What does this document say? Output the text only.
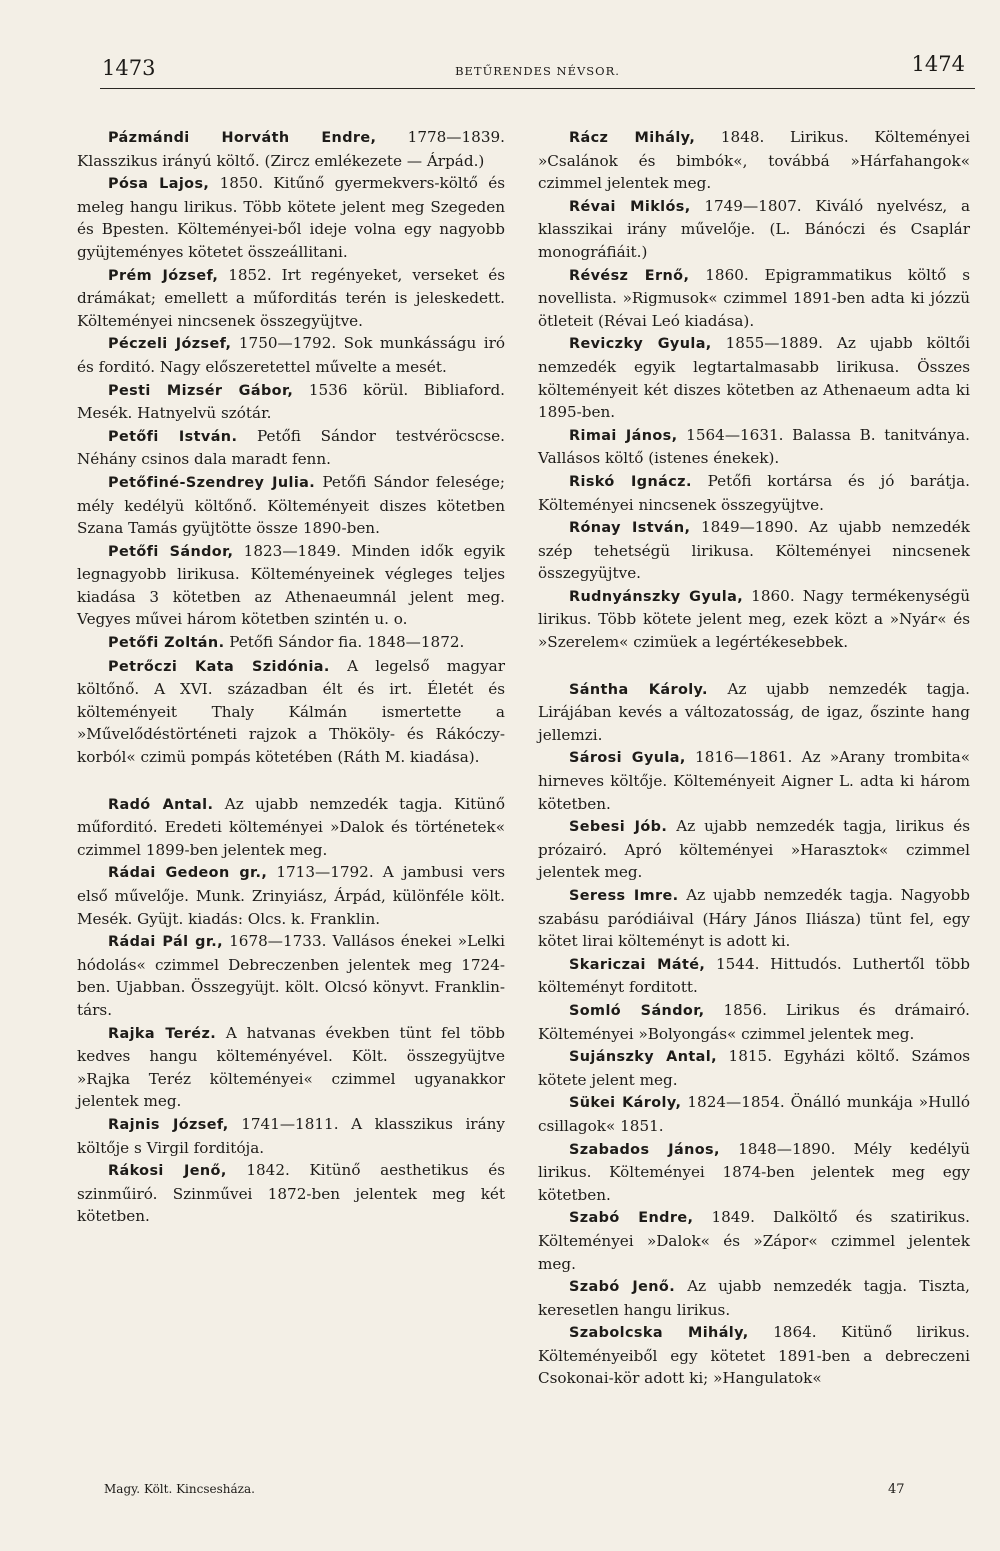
1473	BETŰRENDES NÉVSOR.	1474

Pázmándi Horváth Endre, 1778—1839. Klasszikus irányú költő. (Zircz emlékezete — Árpád.)

Pósa Lajos, 1850. Kitűnő gyermekvers-költő és meleg hangu lirikus. Több kötete jelent meg Szegeden és Bpesten. Költeményei-ből ideje volna egy nagyobb gyüjteményes kötetet összeállitani.

Prém József, 1852. Irt regényeket, verseket és drámákat; emellett a műforditás terén is jeleskedett. Költeményei nincsenek összegyüjtve.

Péczeli József, 1750—1792. Sok munkásságu iró és forditó. Nagy előszeretettel művelte a mesét.

Pesti Mizsér Gábor, 1536 körül. Bibliaford. Mesék. Hatnyelvü szótár.

Petőfi István. Petőfi Sándor testvéröcscse. Néhány csinos dala maradt fenn.

Petőfiné-Szendrey Julia. Petőfi Sándor felesége; mély kedélyü költőnő. Költeményeit diszes kötetben Szana Tamás gyüjtötte össze 1890-ben.

Petőfi Sándor, 1823—1849. Minden idők egyik legnagyobb lirikusa. Költeményeinek végleges teljes kiadása 3 kötetben az Athenaeumnál jelent meg. Vegyes művei három kötetben szintén u. o.

Petőfi Zoltán. Petőfi Sándor fia. 1848—1872.

Petrőczi Kata Szidónia. A legelső magyar költőnő. A XVI. században élt és irt. Életét és költeményeit Thaly Kálmán ismertette a »Művelődéstörténeti rajzok a Thököly- és Rákóczy-korból« czimü pompás kötetében (Ráth M. kiadása).

Radó Antal. Az ujabb nemzedék tagja. Kitünő műforditó. Eredeti költeményei »Dalok és történetek« czimmel 1899-ben jelentek meg.

Rádai Gedeon gr., 1713—1792. A jambusi vers első művelője. Munk. Zrinyiász, Árpád, különféle költ. Mesék. Gyüjt. kiadás: Olcs. k. Franklin.

Rádai Pál gr., 1678—1733. Vallásos énekei »Lelki hódolás« czimmel Debreczenben jelentek meg 1724-ben. Ujabban. Összegyüjt. költ. Olcsó könyvt. Franklin-társ.

Rajka Teréz. A hatvanas években tünt fel több kedves hangu költeményével. Költ. összegyüjtve »Rajka Teréz költeményei« czimmel ugyanakkor jelentek meg.

Rajnis József, 1741—1811. A klasszikus irány költője s Virgil forditója.

Rákosi Jenő, 1842. Kitünő aesthetikus és szinműiró. Szinművei 1872-ben jelentek meg két kötetben.

Rácz Mihály, 1848. Lirikus. Költeményei »Csalánok és bimbók«, továbbá »Hárfahangok« czimmel jelentek meg.

Révai Miklós, 1749—1807. Kiváló nyelvész, a klasszikai irány művelője. (L. Bánóczi és Csaplár monográfiáit.)

Révész Ernő, 1860. Epigrammatikus költő s novellista. »Rigmusok« czimmel 1891-ben adta ki józzü ötleteit (Révai Leó kiadása).

Reviczky Gyula, 1855—1889. Az ujabb költői nemzedék egyik legtartalmasabb lirikusa. Összes költeményeit két diszes kötetben az Athenaeum adta ki 1895-ben.

Rimai János, 1564—1631. Balassa B. tanitványa. Vallásos költő (istenes énekek).

Riskó Ignácz. Petőfi kortársa és jó barátja. Költeményei nincsenek összegyüjtve.

Rónay István, 1849—1890. Az ujabb nemzedék szép tehetségü lirikusa. Költeményei nincsenek összegyüjtve.

Rudnyánszky Gyula, 1860. Nagy termékenységü lirikus. Több kötete jelent meg, ezek közt a »Nyár« és »Szerelem« czimüek a legértékesebbek.

Sántha Károly. Az ujabb nemzedék tagja. Lirájában kevés a változatosság, de igaz, őszinte hang jellemzi.

Sárosi Gyula, 1816—1861. Az »Arany trombita« hirneves költője. Költeményeit Aigner L. adta ki három kötetben.

Sebesi Jób. Az ujabb nemzedék tagja, lirikus és prózairó. Apró költeményei »Harasztok« czimmel jelentek meg.

Seress Imre. Az ujabb nemzedék tagja. Nagyobb szabásu paródiáival (Háry János Iliásza) tünt fel, egy kötet lirai költeményt is adott ki.

Skariczai Máté, 1544. Hittudós. Luthertől több költeményt forditott.

Somló Sándor, 1856. Lirikus és drámairó. Költeményei »Bolyongás« czimmel jelentek meg.

Sujánszky Antal, 1815. Egyházi költő. Számos kötete jelent meg.

Sükei Károly, 1824—1854. Önálló munkája »Hulló csillagok« 1851.

Szabados János, 1848—1890. Mély kedélyü lirikus. Költeményei 1874-ben jelentek meg egy kötetben.

Szabó Endre, 1849. Dalköltő és szatirikus. Költeményei »Dalok« és »Zápor« czimmel jelentek meg.

Szabó Jenő. Az ujabb nemzedék tagja. Tiszta, keresetlen hangu lirikus.

Szabolcska Mihály, 1864. Kitünő lirikus. Költeményeiből egy kötetet 1891-ben a debreczeni Csokonai-kör adott ki; »Hangulatok«

Magy. Költ. Kincsesháza.	47
